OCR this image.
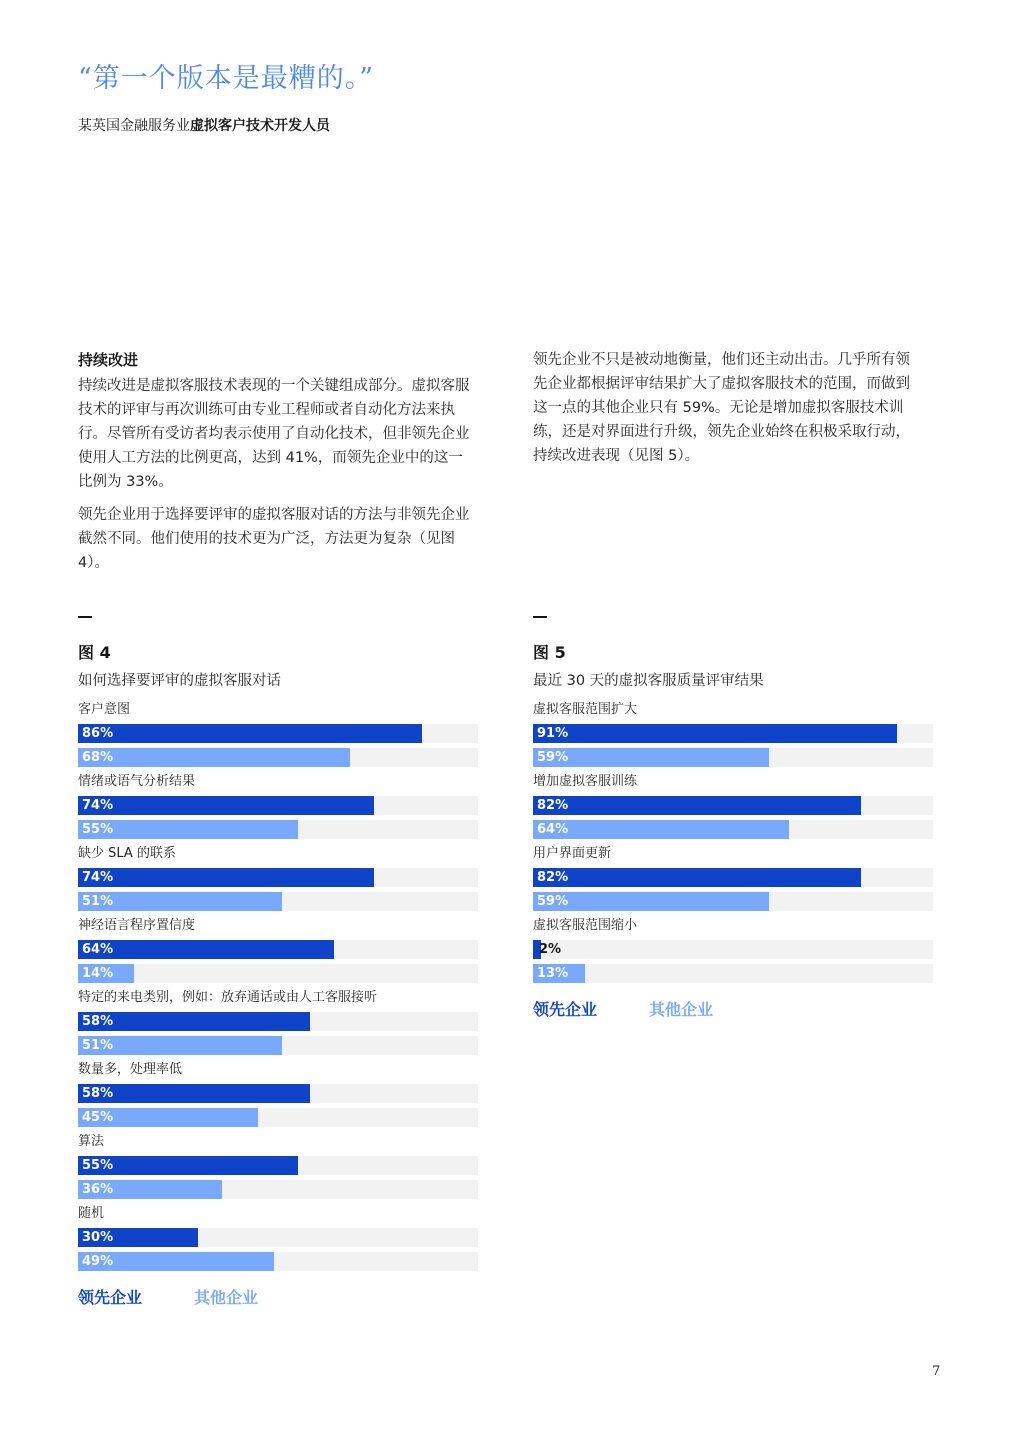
“第一个版本是最糟的。”
某英国金融服务业虚拟客户技术开发人员
持续改进

持续改进是虚拟客服技术表现的一个关键组成部分。虚拟客服技术的评审与再次训练可由专业工程师或者自动化方法来执行。尽管所有受访者均表示使用了自动化技术，但非领先企业使用人工方法的比例更高，达到 41%，而领先企业中的这一比例为 33%。

领先企业用于选择要评审的虚拟客服对话的方法与非领先企业截然不同。他们使用的技术更为广泛，方法更为复杂（见图 4）。

领先企业不只是被动地衡量，他们还主动出击。几乎所有领先企业都根据评审结果扩大了虚拟客服技术的范围，而做到这一点的其他企业只有 59%。无论是增加虚拟客服技术训练，还是对界面进行升级，领先企业始终在积极采取行动，持续改进表现（见图 5）。

图 4
如何选择要评审的虚拟客服对话
客户意图
86%
68%
情绪或语气分析结果
74%
55%
缺少 SLA 的联系
74%
51%
神经语言程序置信度
64%
14%
特定的来电类别，例如：放弃通话或由人工客服接听
58%
51%
数量多，处理率低
58%
45%
算法
55%
36%
随机
30%
49%
领先企业	其他企业
图 5
最近 30 天的虚拟客服质量评审结果
虚拟客服范围扩大
91%
59%
增加虚拟客服训练
82%
64%
用户界面更新
82%
59%
虚拟客服范围缩小
2%
13%
领先企业	其他企业
7
